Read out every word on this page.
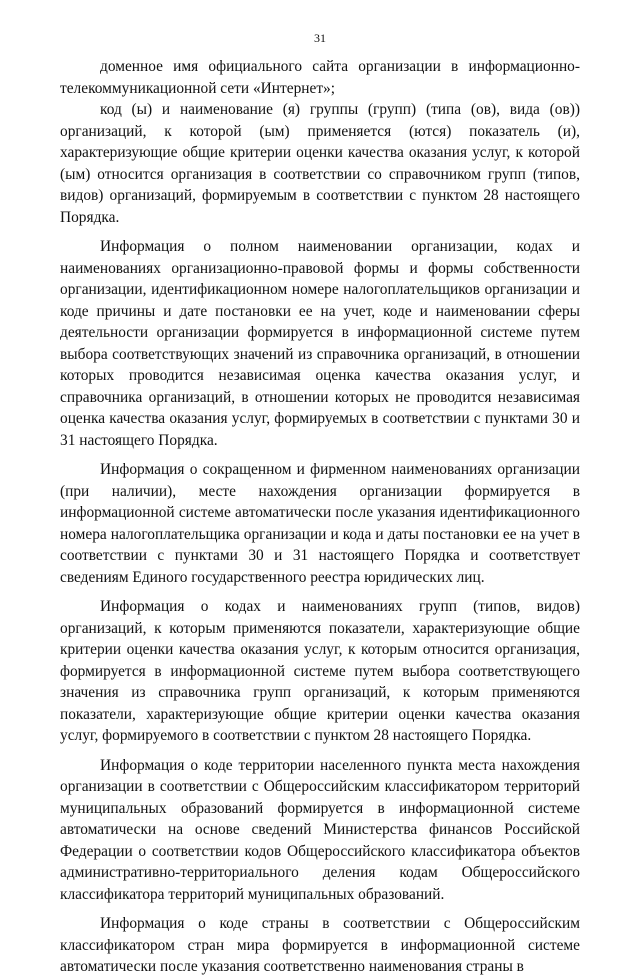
31

доменное имя официального сайта организации в информационно-телекоммуникационной сети «Интернет»;

код (ы) и наименование (я) группы (групп) (типа (ов), вида (ов)) организаций, к которой (ым) применяется (ются) показатель (и), характеризующие общие критерии оценки качества оказания услуг, к которой (ым) относится организация в соответствии со справочником групп (типов, видов) организаций, формируемым в соответствии с пунктом 28 настоящего Порядка.

Информация о полном наименовании организации, кодах и наименованиях организационно-правовой формы и формы собственности организации, идентификационном номере налогоплательщиков организации и коде причины и дате постановки ее на учет, коде и наименовании сферы деятельности организации формируется в информационной системе путем выбора соответствующих значений из справочника организаций, в отношении которых проводится независимая оценка качества оказания услуг, и справочника организаций, в отношении которых не проводится независимая оценка качества оказания услуг, формируемых в соответствии с пунктами 30 и 31 настоящего Порядка.

Информация о сокращенном и фирменном наименованиях организации (при наличии), месте нахождения организации формируется в информационной системе автоматически после указания идентификационного номера налогоплательщика организации и кода и даты постановки ее на учет в соответствии с пунктами 30 и 31 настоящего Порядка и соответствует сведениям Единого государственного реестра юридических лиц.

Информация о кодах и наименованиях групп (типов, видов) организаций, к которым применяются показатели, характеризующие общие критерии оценки качества оказания услуг, к которым относится организация, формируется в информационной системе путем выбора соответствующего значения из справочника групп организаций, к которым применяются показатели, характеризующие общие критерии оценки качества оказания услуг, формируемого в соответствии с пунктом 28 настоящего Порядка.

Информация о коде территории населенного пункта места нахождения организации в соответствии с Общероссийским классификатором территорий муниципальных образований формируется в информационной системе автоматически на основе сведений Министерства финансов Российской Федерации о соответствии кодов Общероссийского классификатора объектов административно-территориального деления кодам Общероссийского классификатора территорий муниципальных образований.

Информация о коде страны в соответствии с Общероссийским классификатором стран мира формируется в информационной системе автоматически после указания соответственно наименования страны в
